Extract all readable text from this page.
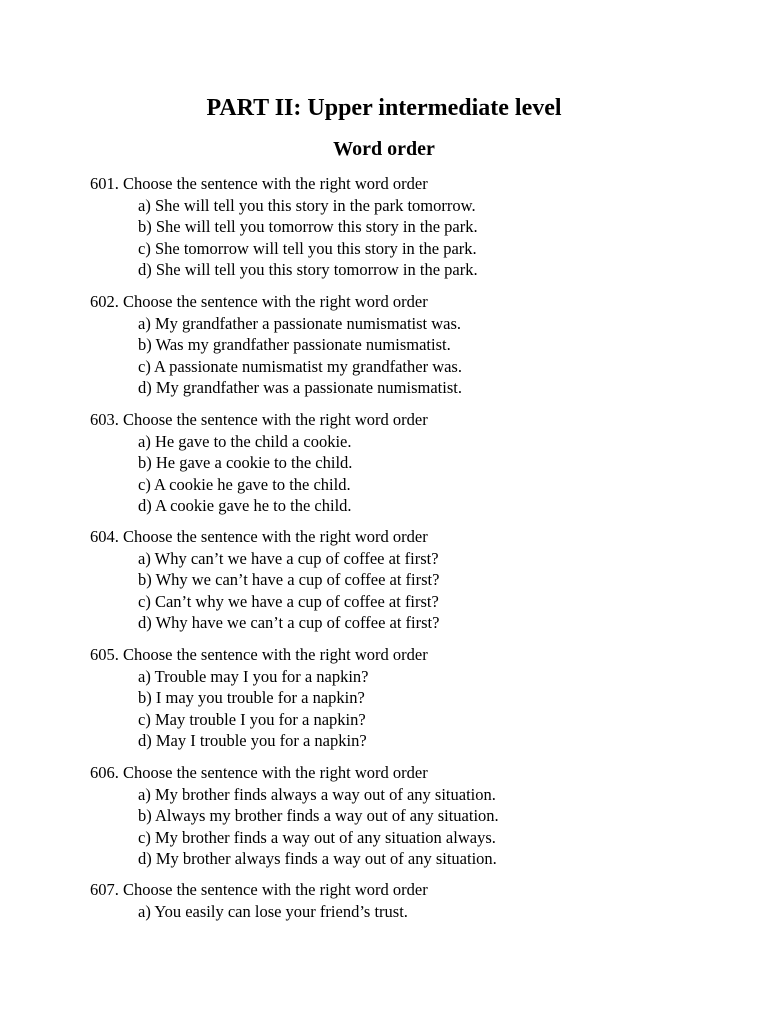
PART II: Upper intermediate level
Word order
601. Choose the sentence with the right word order
a) She will tell you this story in the park tomorrow.
b) She will tell you tomorrow this story in the park.
c) She tomorrow will tell you this story in the park.
d) She will tell you this story tomorrow in the park.
602. Choose the sentence with the right word order
a) My grandfather a passionate numismatist was.
b) Was my grandfather passionate numismatist.
c) A passionate numismatist my grandfather was.
d) My grandfather was a passionate numismatist.
603. Choose the sentence with the right word order
a) He gave to the child a cookie.
b) He gave a cookie to the child.
c) A cookie he gave to the child.
d) A cookie gave he to the child.
604. Choose the sentence with the right word order
a) Why can’t we have a cup of coffee at first?
b) Why we can’t have a cup of coffee at first?
c) Can’t why we have a cup of coffee at first?
d) Why have we can’t a cup of coffee at first?
605. Choose the sentence with the right word order
a) Trouble may I you for a napkin?
b) I may you trouble for a napkin?
c) May trouble I you for a napkin?
d) May I trouble you for a napkin?
606. Choose the sentence with the right word order
a) My brother finds always a way out of any situation.
b) Always my brother finds a way out of any situation.
c) My brother finds a way out of any situation always.
d) My brother always finds a way out of any situation.
607. Choose the sentence with the right word order
a) You easily can lose your friend’s trust.
